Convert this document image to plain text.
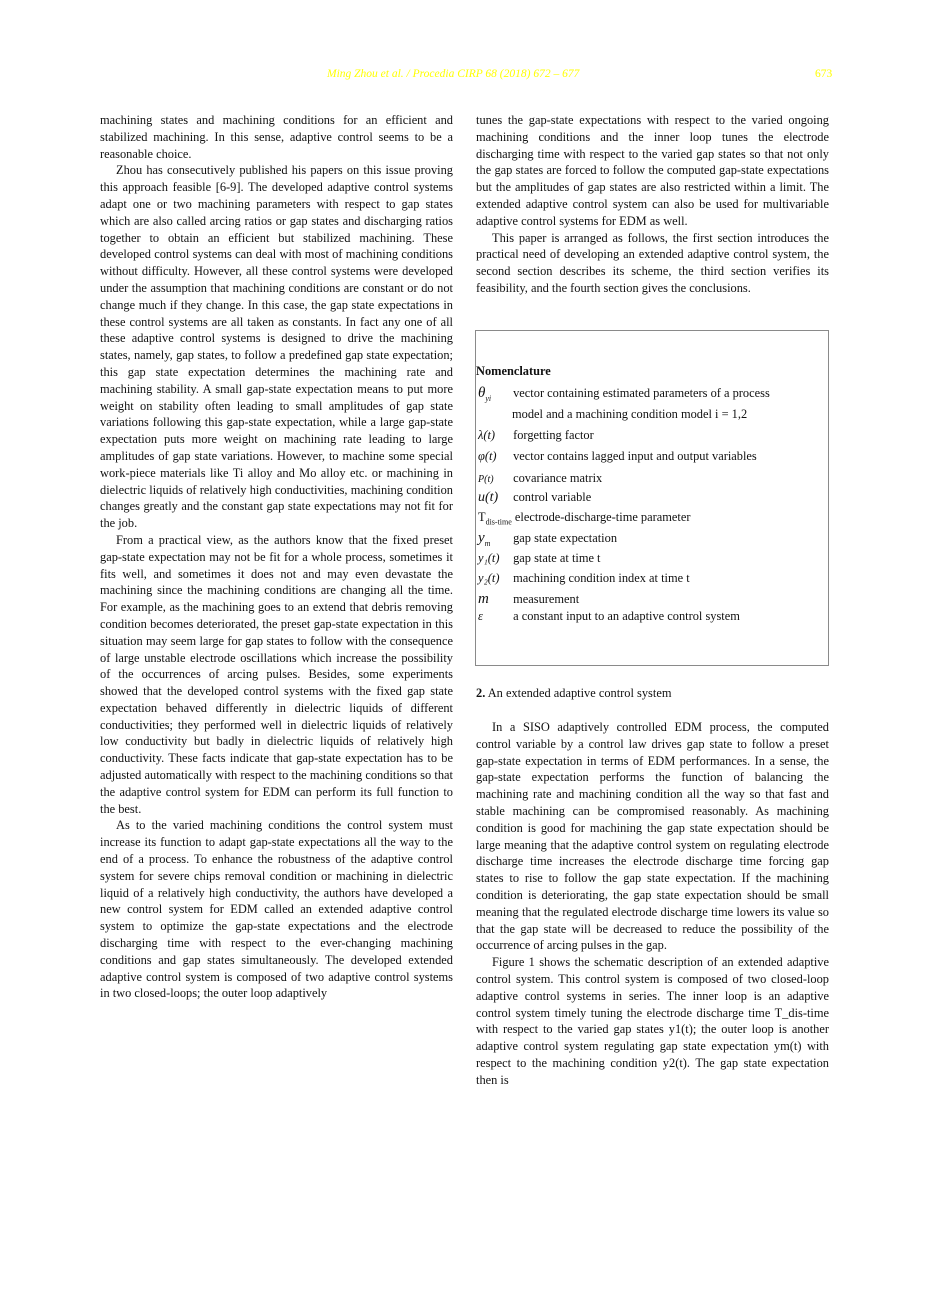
Ming Zhou et al. / Procedia CIRP 68 (2018) 672 – 677	673

machining states and machining conditions for an efficient and stabilized machining. In this sense, adaptive control seems to be a reasonable choice.

Zhou has consecutively published his papers on this issue proving this approach feasible [6-9]. The developed adaptive control systems adapt one or two machining parameters with respect to gap states which are also called arcing ratios or gap states and discharging ratios together to obtain an efficient but stabilized machining. These developed control systems can deal with most of machining conditions without difficulty. However, all these control systems were developed under the assumption that machining conditions are constant or do not change much if they change. In this case, the gap state expectations in these control systems are all taken as constants. In fact any one of all these adaptive control systems is designed to drive the machining states, namely, gap states, to follow a predefined gap state expectation; this gap state expectation determines the machining rate and machining stability. A small gap-state expectation means to put more weight on stability often leading to small amplitudes of gap state variations following this gap-state expectation, while a large gap-state expectation puts more weight on machining rate leading to large amplitudes of gap state variations. However, to machine some special work-piece materials like Ti alloy and Mo alloy etc. or machining in dielectric liquids of relatively high conductivities, machining condition changes greatly and the constant gap state expectations may not fit for the job.

From a practical view, as the authors know that the fixed preset gap-state expectation may not be fit for a whole process, sometimes it fits well, and sometimes it does not and may even devastate the machining since the machining conditions are changing all the time. For example, as the machining goes to an extend that debris removing condition becomes deteriorated, the preset gap-state expectation in this situation may seem large for gap states to follow with the consequence of large unstable electrode oscillations which increase the possibility of the occurrences of arcing pulses. Besides, some experiments showed that the developed control systems with the fixed gap state expectation behaved differently in dielectric liquids of different conductivities; they performed well in dielectric liquids of relatively low conductivity but badly in dielectric liquids of relatively high conductivity. These facts indicate that gap-state expectation has to be adjusted automatically with respect to the machining conditions so that the adaptive control system for EDM can perform its full function to the best.

As to the varied machining conditions the control system must increase its function to adapt gap-state expectations all the way to the end of a process. To enhance the robustness of the adaptive control system for severe chips removal condition or machining in dielectric liquid of a relatively high conductivity, the authors have developed a new control system for EDM called an extended adaptive control system to optimize the gap-state expectations and the electrode discharging time with respect to the ever-changing machining conditions and gap states simultaneously. The developed extended adaptive control system is composed of two adaptive control systems in two closed-loops; the outer loop adaptively

tunes the gap-state expectations with respect to the varied ongoing machining conditions and the inner loop tunes the electrode discharging time with respect to the varied gap states so that not only the gap states are forced to follow the computed gap-state expectations but the amplitudes of gap states are also restricted within a limit. The extended adaptive control system can also be used for multivariable adaptive control systems for EDM as well.

This paper is arranged as follows, the first section introduces the practical need of developing an extended adaptive control system, the second section describes its scheme, the third section verifies its feasibility, and the fourth section gives the conclusions.

Nomenclature
$\theta_{yi}$ vector containing estimated parameters of a process
model and a machining condition model i = 1,2
λ(t) forgetting factor
φ(t) vector contains lagged input and output variables
P(t) covariance matrix
u(t) control variable
$T_{dis-time}$ electrode-discharge-time parameter
$y_m$ gap state expectation
y₁(t) gap state at time t
y₂(t) machining condition index at time t
m measurement
ε a constant input to an adaptive control system
2. An extended adaptive control system

In a SISO adaptively controlled EDM process, the computed control variable by a control law drives gap state to follow a preset gap-state expectation in terms of EDM performances. In a sense, the gap-state expectation performs the function of balancing the machining rate and machining condition all the way so that fast and stable machining can be compromised reasonably. As machining condition is good for machining the gap state expectation should be large meaning that the adaptive control system on regulating electrode discharge time increases the electrode discharge time forcing gap states to rise to follow the gap state expectation. If the machining condition is deteriorating, the gap state expectation should be small meaning that the regulated electrode discharge time lowers its value so that the gap state will be decreased to reduce the possibility of the occurrence of arcing pulses in the gap.

Figure 1 shows the schematic description of an extended adaptive control system. This control system is composed of two closed-loop adaptive control systems in series. The inner loop is an adaptive control system timely tuning the electrode discharge time T_dis-time with respect to the varied gap states y1(t); the outer loop is another adaptive control system regulating gap state expectation ym(t) with respect to the machining condition y2(t). The gap state expectation then is
